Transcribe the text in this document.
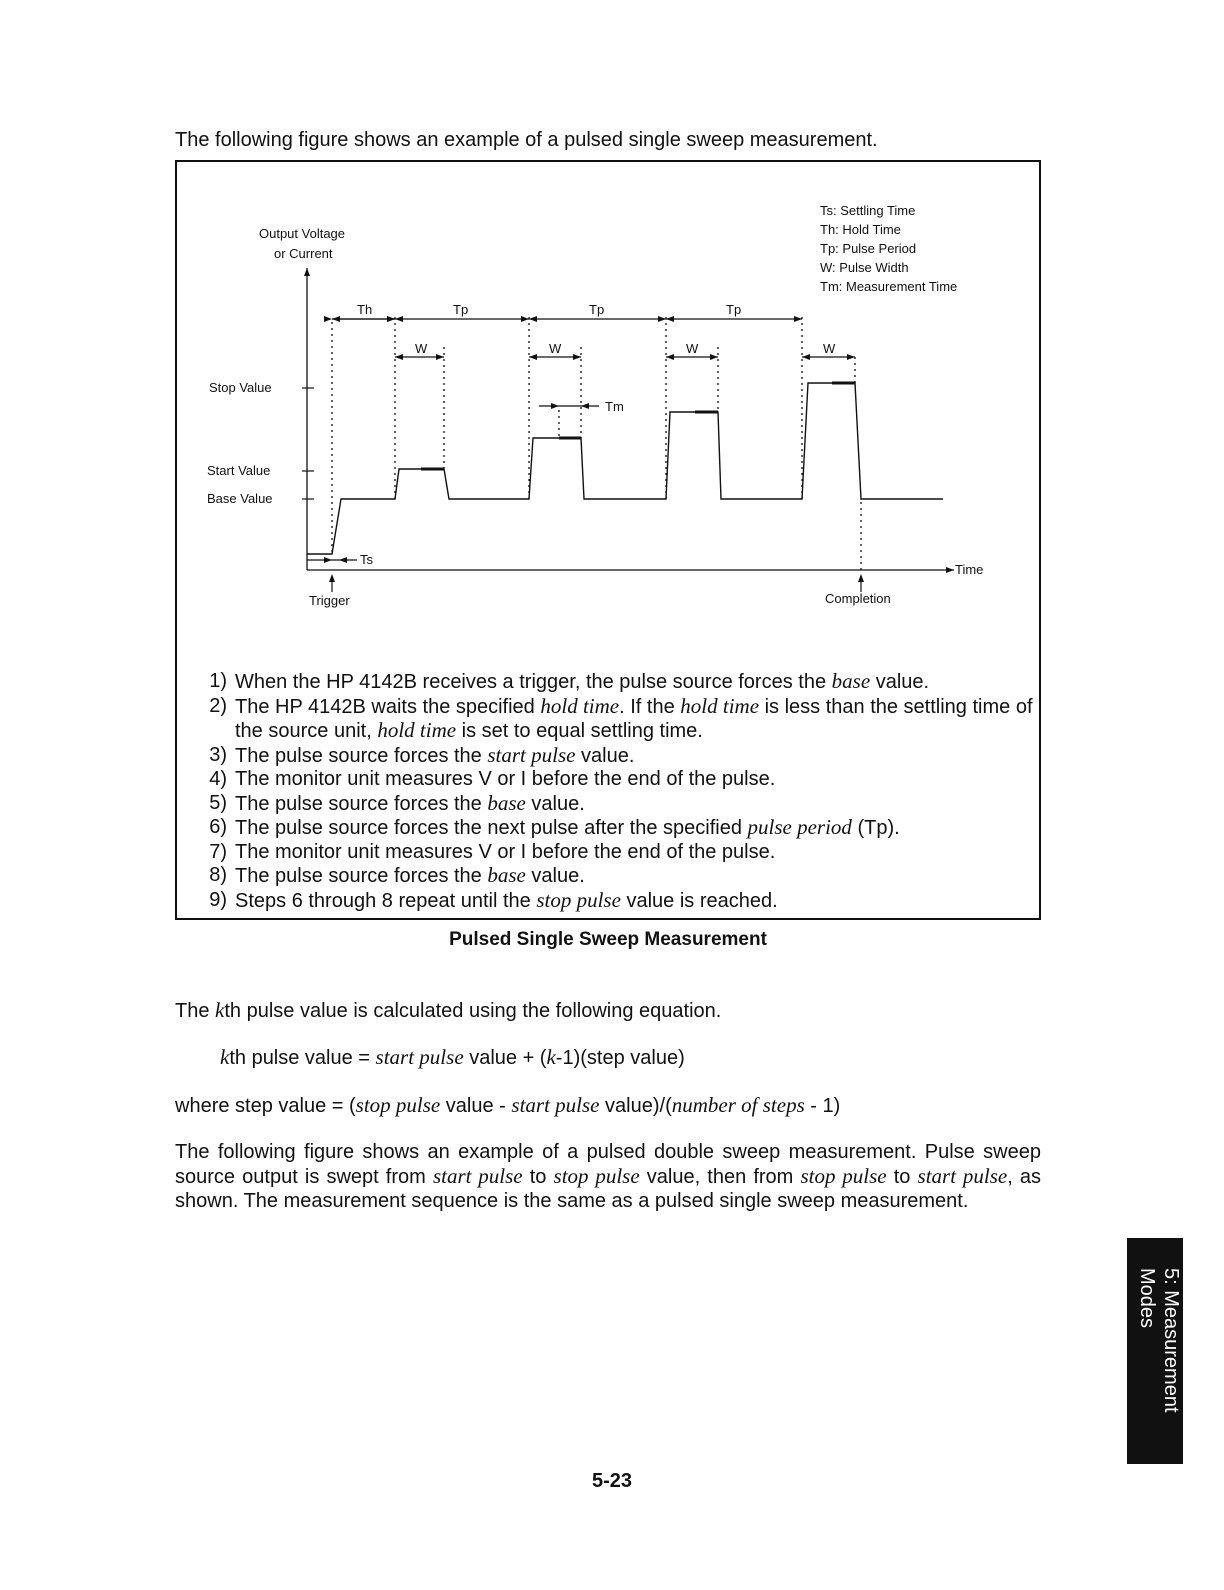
The following figure shows an example of a pulsed single sweep measurement.
Output Voltage
or Current
Ts: Settling Time
Th: Hold Time
Tp: Pulse Period
W: Pulse Width
Tm: Measurement Time
Time
Stop Value
Start Value
Base Value
Th	Tp	Tp	Tp
W	W	W	W
Tm
Ts
Trigger	Completion
1) When the HP 4142B receives a trigger, the pulse source forces the base value.
2) The HP 4142B waits the specified hold time. If the hold time is less than the settling time of the source unit, hold time is set to equal settling time.
3) The pulse source forces the start pulse value.
4) The monitor unit measures V or I before the end of the pulse.
5) The pulse source forces the base value.
6) The pulse source forces the next pulse after the specified pulse period (Tp).
7) The monitor unit measures V or I before the end of the pulse.
8) The pulse source forces the base value.
9) Steps 6 through 8 repeat until the stop pulse value is reached.
Pulsed Single Sweep Measurement
The kth pulse value is calculated using the following equation.
kth pulse value = start pulse value + (k-1)(step value)
where step value = (stop pulse value - start pulse value)/(number of steps - 1)
The following figure shows an example of a pulsed double sweep measurement. Pulse sweep source output is swept from start pulse to stop pulse value, then from stop pulse to start pulse, as shown. The measurement sequence is the same as a pulsed single sweep measurement.
5: Measurement
Modes
5-23
